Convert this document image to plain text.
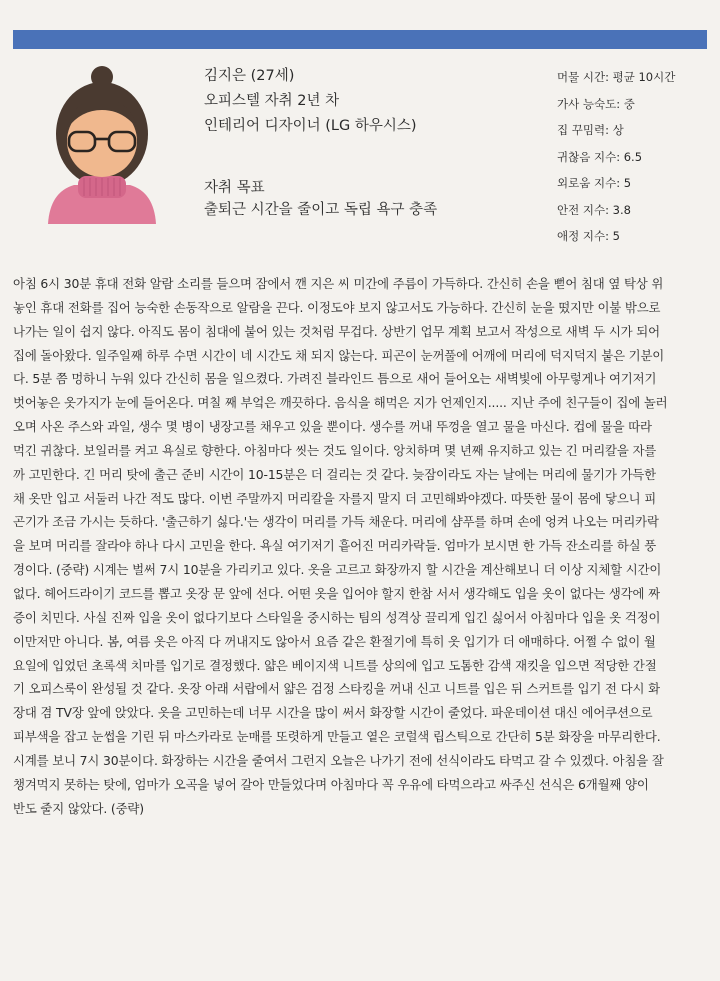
김지은 (27세)
오피스텔 자취 2년 차
인테리어 디자이너 (LG 하우시스)
자취 목표
출퇴근 시간을 줄이고 독립 욕구 충족
머물 시간: 평균 10시간
가사 능숙도: 중
집 꾸밈력: 상
귀찮음 지수: 6.5
외로움 지수: 5
안전 지수: 3.8
애정 지수: 5
아침 6시 30분 휴대 전화 알람 소리를 들으며 잠에서 깬 지은 씨 미간에 주름이 가득하다. 간신히 손을 뻗어 침대 옆 탁상 위
놓인 휴대 전화를 집어 능숙한 손동작으로 알람을 끈다. 이정도야 보지 않고서도 가능하다. 간신히 눈을 떴지만 이불 밖으로
나가는 일이 쉽지 않다. 아직도 몸이 침대에 붙어 있는 것처럼 무겁다. 상반기 업무 계획 보고서 작성으로 새벽 두 시가 되어
집에 돌아왔다. 일주일째 하루 수면 시간이 네 시간도 채 되지 않는다. 피곤이 눈꺼풀에 어깨에 머리에 덕지덕지 붙은 기분이
다. 5분 쯤 멍하니 누워 있다 간신히 몸을 일으켰다. 가려진 블라인드 틈으로 새어 들어오는 새벽빛에 아무렇게나 여기저기
벗어놓은 옷가지가 눈에 들어온다. 며칠 째 부엌은 깨끗하다. 음식을 해먹은 지가 언제인지..... 지난 주에 친구들이 집에 놀러
오며 사온 주스와 과일, 생수 몇 병이 냉장고를 채우고 있을 뿐이다. 생수를 꺼내 뚜껑을 열고 물을 마신다. 컵에 물을 따라
먹긴 귀찮다. 보일러를 켜고 욕실로 향한다. 아침마다 씻는 것도 일이다. 앙치하며 몇 년째 유지하고 있는 긴 머리칼을 자를
까 고민한다. 긴 머리 탓에 출근 준비 시간이 10-15분은 더 걸리는 것 같다. 늦잠이라도 자는 날에는 머리에 물기가 가득한
채 옷만 입고 서둘러 나간 적도 많다. 이번 주말까지 머리칼을 자를지 말지 더 고민해봐야겠다. 따뜻한 물이 몸에 닿으니 피
곤기가 조금 가시는 듯하다. '출근하기 싫다.'는 생각이 머리를 가득 채운다. 머리에 샴푸를 하며 손에 엉켜 나오는 머리카락
을 보며 머리를 잘라야 하나 다시 고민을 한다. 욕실 여기저기 흩어진 머리카락들. 엄마가 보시면 한 가득 잔소리를 하실 풍
경이다. (중략) 시계는 벌써 7시 10분을 가리키고 있다. 옷을 고르고 화장까지 할 시간을 계산해보니 더 이상 지체할 시간이
없다. 헤어드라이기 코드를 뽑고 옷장 문 앞에 선다. 어떤 옷을 입어야 할지 한참 서서 생각해도 입을 옷이 없다는 생각에 짜
증이 치민다. 사실 진짜 입을 옷이 없다기보다 스타일을 중시하는 팀의 성격상 끌리게 입긴 싫어서 아침마다 입을 옷 걱정이
이만저만 아니다. 봄, 여름 옷은 아직 다 꺼내지도 않아서 요즘 같은 환절기에 특히 옷 입기가 더 애매하다. 어쩔 수 없이 월
요일에 입었던 초록색 치마를 입기로 결정했다. 얇은 베이지색 니트를 상의에 입고 도톰한 감색 재킷을 입으면 적당한 간절
기 오피스룩이 완성될 것 같다. 옷장 아래 서랍에서 얇은 검정 스타킹을 꺼내 신고 니트를 입은 뒤 스커트를 입기 전 다시 화
장대 겸 TV장 앞에 앉았다. 옷을 고민하는데 너무 시간을 많이 써서 화장할 시간이 줄었다. 파운데이션 대신 에어쿠션으로
피부색을 잡고 눈썹을 기린 뒤 마스카라로 눈매를 또렷하게 만들고 옅은 코럴색 립스틱으로 간단히 5분 화장을 마무리한다.
시계를 보니 7시 30분이다. 화장하는 시간을 줄여서 그런지 오늘은 나가기 전에 선식이라도 타먹고 갈 수 있겠다. 아침을 잘
챙겨먹지 못하는 탓에, 엄마가 오곡을 넣어 갈아 만들었다며 아침마다 꼭 우유에 타먹으라고 싸주신 선식은 6개월째 양이
반도 줄지 않았다. (중략)
